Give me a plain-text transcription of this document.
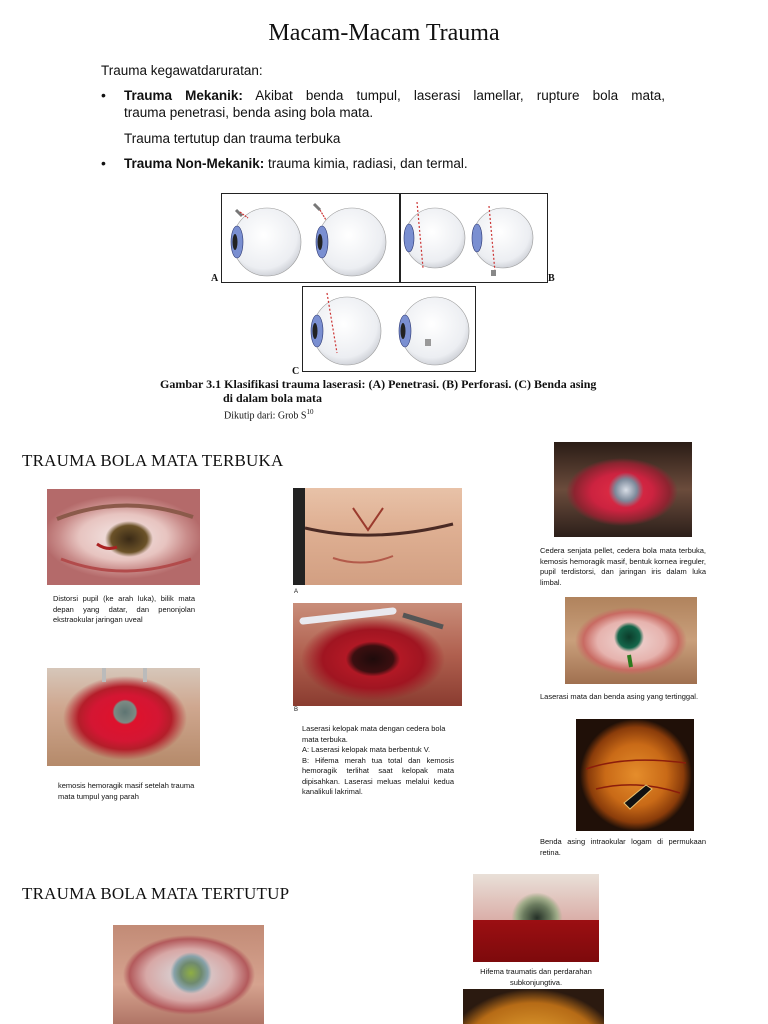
Macam-Macam Trauma
Trauma kegawatdaruratan:
• Trauma Mekanik: Akibat benda tumpul, laserasi lamellar, rupture bola mata,
trauma penetrasi, benda asing bola mata.
Trauma tertutup dan trauma terbuka
• Trauma Non-Mekanik: trauma kimia, radiasi, dan termal.
A	B
C
Gambar 3.1 Klasifikasi trauma laserasi: (A) Penetrasi. (B) Perforasi. (C) Benda asing
di dalam bola mata
Dikutip dari: Grob $S^{10}$
TRAUMA BOLA MATA TERBUKA
Distorsi pupil (ke arah luka), bilik mata depan yang datar, dan penonjolan ekstraokular jaringan uveal
kemosis hemoragik masif setelah trauma mata tumpul yang parah
A
B
Laserasi kelopak mata dengan cedera bola mata terbuka.
A: Laserasi kelopak mata berbentuk V.
B: Hifema merah tua total dan kemosis hemoragik terlihat saat kelopak mata dipisahkan. Laserasi meluas melalui kedua kanalikuli lakrimal.
Cedera senjata pellet, cedera bola mata terbuka, kemosis hemoragik masif, bentuk kornea ireguler, pupil terdistorsi, dan jaringan iris dalam luka limbal.
Laserasi mata dan benda asing yang tertinggal.
Benda asing intraokular logam di permukaan retina.
TRAUMA BOLA MATA TERTUTUP
Hifema traumatis dan perdarahan subkonjungtiva.
